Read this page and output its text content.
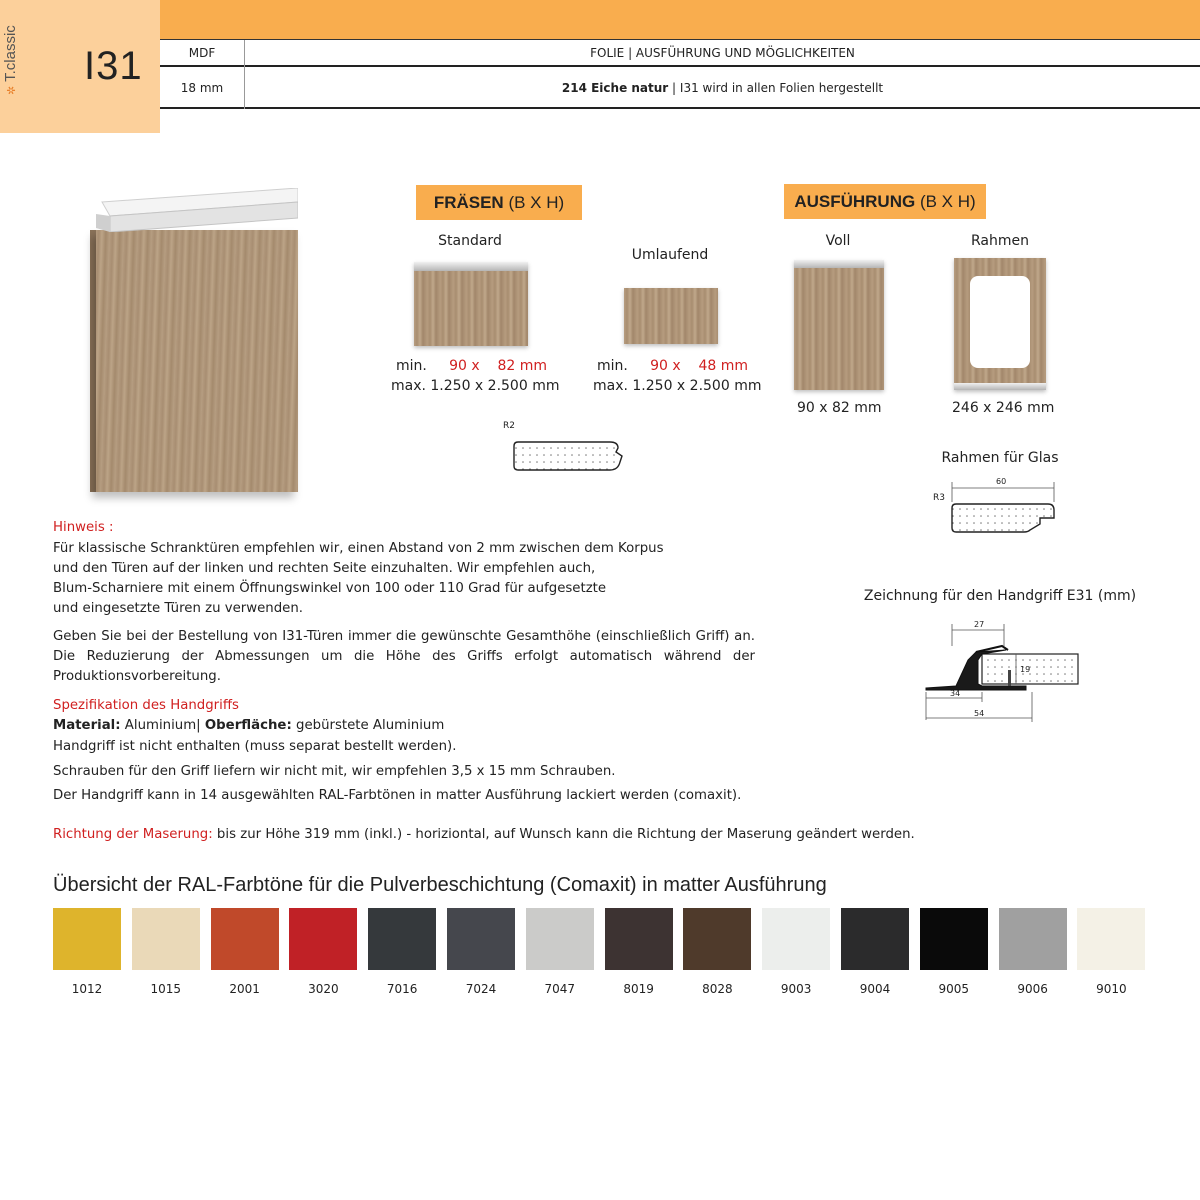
✲ T.classic I31	MDF	FOLIE | AUSFÜHRUNG UND MÖGLICHKEITEN
18 mm	214 Eiche natur | I31 wird in allen Folien hergestellt
FRÄSEN (B X H)
Standard
min. 90 x 82 mm
max. 1.250 x 2.500 mm
Umlaufend
min. 90 x 48 mm
max. 1.250 x 2.500 mm
R2
AUSFÜHRUNG (B X H)
Voll
90 x 82 mm
Rahmen
246 x 246 mm
Rahmen für Glas
60
R3
Zeichnung für den Handgriff E31 (mm)
27
19
34
54
Hinweis :
Für klassische Schranktüren empfehlen wir, einen Abstand von 2 mm zwischen dem Korpus
und den Türen auf der linken und rechten Seite einzuhalten. Wir empfehlen auch,
Blum-Scharniere mit einem Öffnungswinkel von 100 oder 110 Grad für aufgesetzte
und eingesetzte Türen zu verwenden.
Geben Sie bei der Bestellung von I31-Türen immer die gewünschte Gesamthöhe (einschließlich Griff) an. Die Reduzierung der Abmessungen um die Höhe des Griffs erfolgt automatisch während der Produktionsvorbereitung.
Spezifikation des Handgriffs
Material: Aluminium| Oberfläche: gebürstete Aluminium
Handgriff ist nicht enthalten (muss separat bestellt werden).
Schrauben für den Griff liefern wir nicht mit, wir empfehlen 3,5 x 15 mm Schrauben.
Der Handgriff kann in 14 ausgewählten RAL-Farbtönen in matter Ausführung lackiert werden (comaxit).
Richtung der Maserung: bis zur Höhe 319 mm (inkl.) - horiziontal, auf Wunsch kann die Richtung der Maserung geändert werden.
Übersicht der RAL-Farbtöne für die Pulverbeschichtung (Comaxit) in matter Ausführung
1012	1015	2001	3020	7016	7024	7047	8019	8028	9003	9004	9005	9006	9010
